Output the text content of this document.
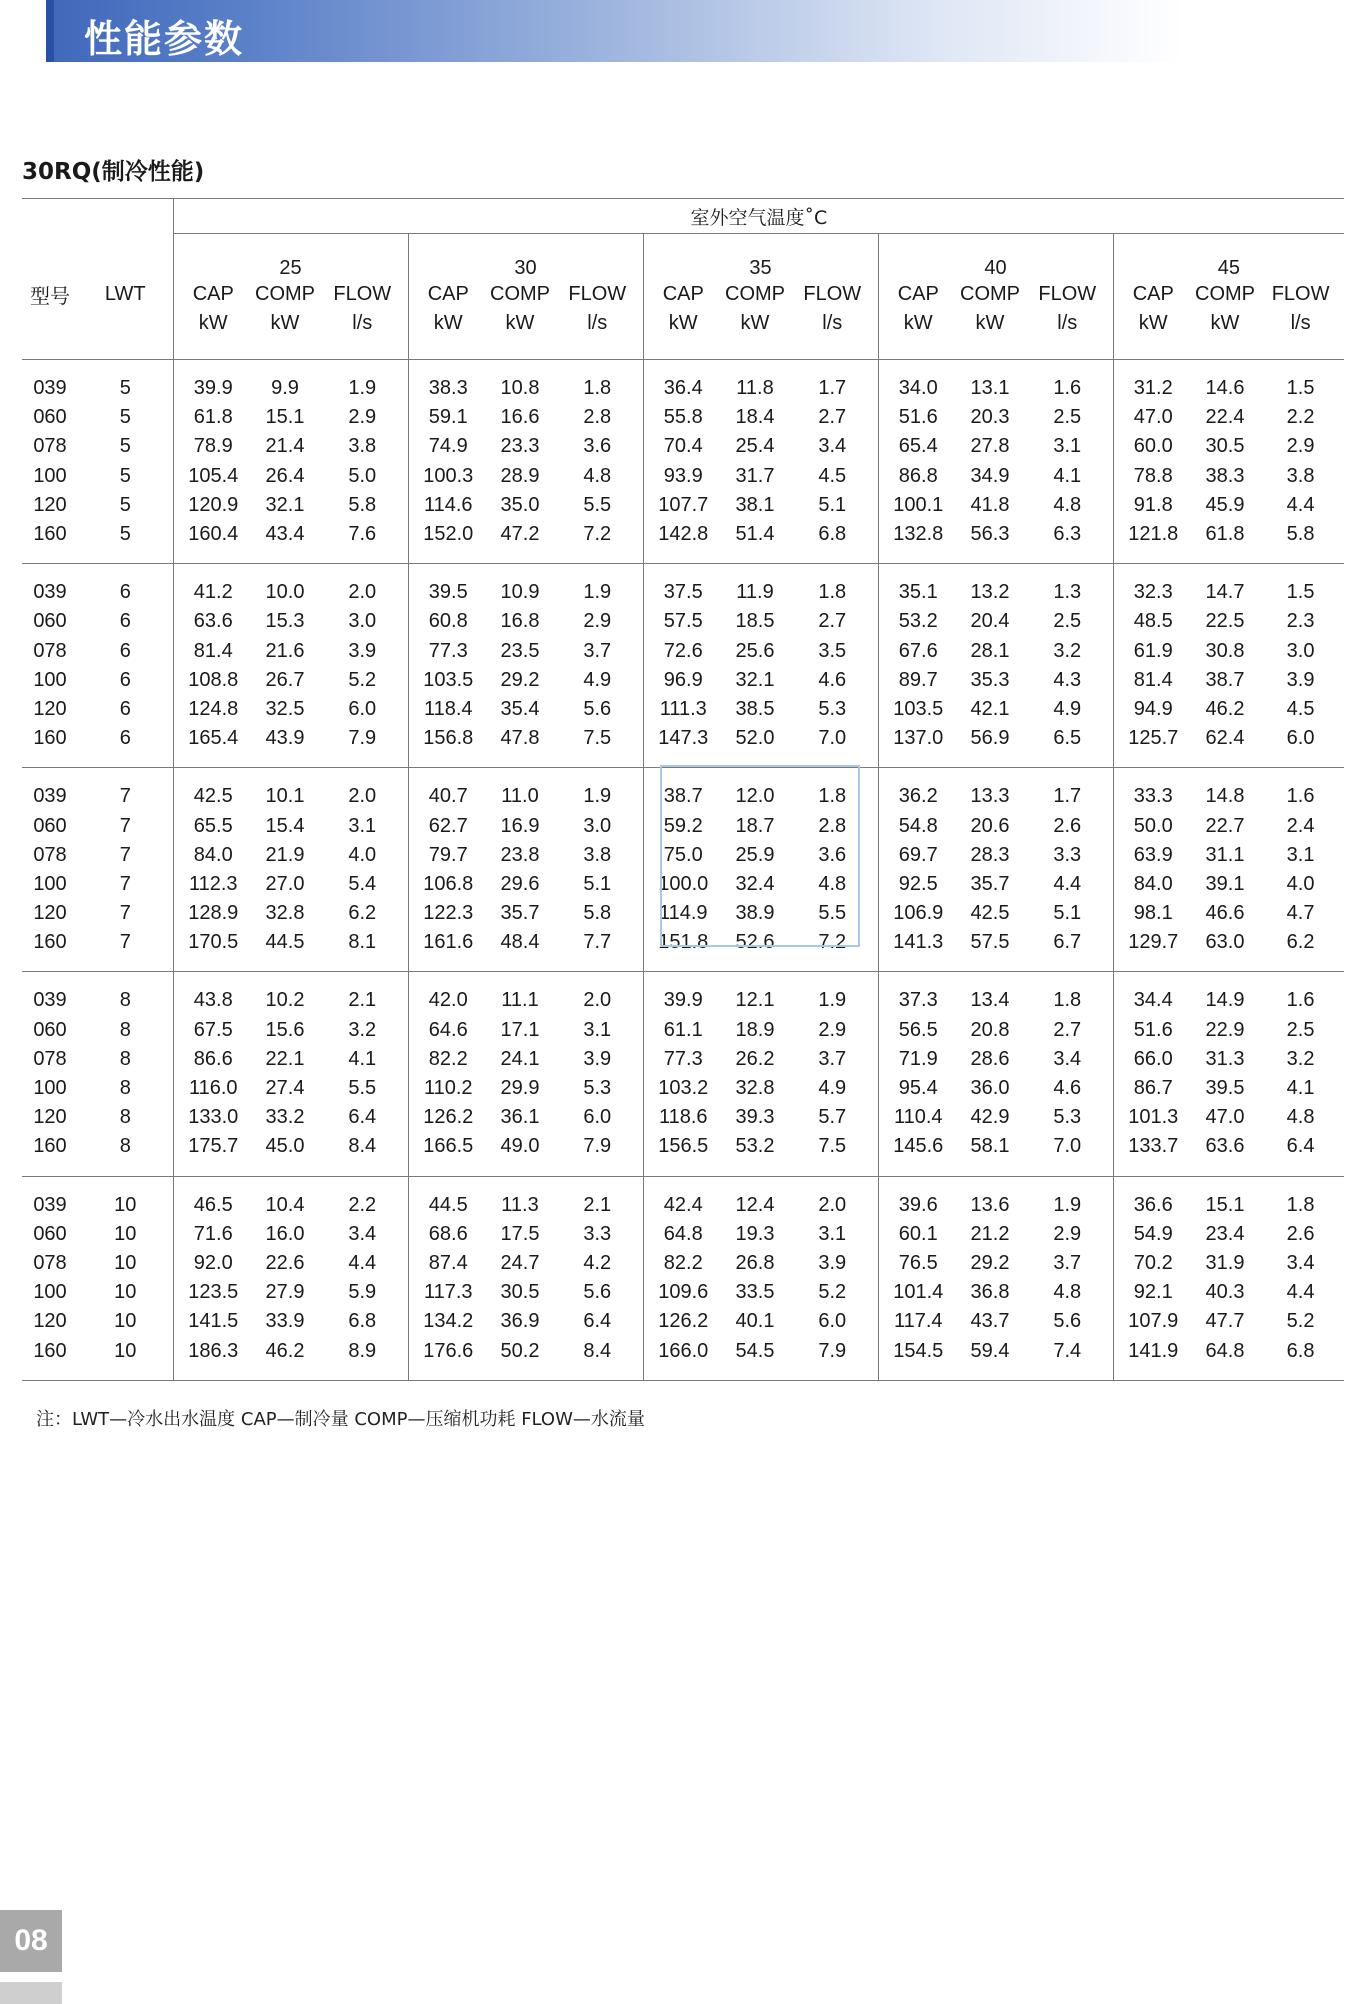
性能参数
30RQ(制冷性能)
		室外空气温度˚C														
		25			30			35			40			45		
型号	LWT	CAP	COMP	FLOW	CAP	COMP	FLOW	CAP	COMP	FLOW	CAP	COMP	FLOW	CAP	COMP	FLOW
		kW	kW	l/s	kW	kW	l/s	kW	kW	l/s	kW	kW	l/s	kW	kW	l/s

039	5	39.9	9.9	1.9	38.3	10.8	1.8	36.4	11.8	1.7	34.0	13.1	1.6	31.2	14.6	1.5
060	5	61.8	15.1	2.9	59.1	16.6	2.8	55.8	18.4	2.7	51.6	20.3	2.5	47.0	22.4	2.2
078	5	78.9	21.4	3.8	74.9	23.3	3.6	70.4	25.4	3.4	65.4	27.8	3.1	60.0	30.5	2.9
100	5	105.4	26.4	5.0	100.3	28.9	4.8	93.9	31.7	4.5	86.8	34.9	4.1	78.8	38.3	3.8
120	5	120.9	32.1	5.8	114.6	35.0	5.5	107.7	38.1	5.1	100.1	41.8	4.8	91.8	45.9	4.4
160	5	160.4	43.4	7.6	152.0	47.2	7.2	142.8	51.4	6.8	132.8	56.3	6.3	121.8	61.8	5.8

039	6	41.2	10.0	2.0	39.5	10.9	1.9	37.5	11.9	1.8	35.1	13.2	1.3	32.3	14.7	1.5
060	6	63.6	15.3	3.0	60.8	16.8	2.9	57.5	18.5	2.7	53.2	20.4	2.5	48.5	22.5	2.3
078	6	81.4	21.6	3.9	77.3	23.5	3.7	72.6	25.6	3.5	67.6	28.1	3.2	61.9	30.8	3.0
100	6	108.8	26.7	5.2	103.5	29.2	4.9	96.9	32.1	4.6	89.7	35.3	4.3	81.4	38.7	3.9
120	6	124.8	32.5	6.0	118.4	35.4	5.6	111.3	38.5	5.3	103.5	42.1	4.9	94.9	46.2	4.5
160	6	165.4	43.9	7.9	156.8	47.8	7.5	147.3	52.0	7.0	137.0	56.9	6.5	125.7	62.4	6.0

039	7	42.5	10.1	2.0	40.7	11.0	1.9	38.7	12.0	1.8	36.2	13.3	1.7	33.3	14.8	1.6
060	7	65.5	15.4	3.1	62.7	16.9	3.0	59.2	18.7	2.8	54.8	20.6	2.6	50.0	22.7	2.4
078	7	84.0	21.9	4.0	79.7	23.8	3.8	75.0	25.9	3.6	69.7	28.3	3.3	63.9	31.1	3.1
100	7	112.3	27.0	5.4	106.8	29.6	5.1	100.0	32.4	4.8	92.5	35.7	4.4	84.0	39.1	4.0
120	7	128.9	32.8	6.2	122.3	35.7	5.8	114.9	38.9	5.5	106.9	42.5	5.1	98.1	46.6	4.7
160	7	170.5	44.5	8.1	161.6	48.4	7.7	151.8	52.6	7.2	141.3	57.5	6.7	129.7	63.0	6.2

039	8	43.8	10.2	2.1	42.0	11.1	2.0	39.9	12.1	1.9	37.3	13.4	1.8	34.4	14.9	1.6
060	8	67.5	15.6	3.2	64.6	17.1	3.1	61.1	18.9	2.9	56.5	20.8	2.7	51.6	22.9	2.5
078	8	86.6	22.1	4.1	82.2	24.1	3.9	77.3	26.2	3.7	71.9	28.6	3.4	66.0	31.3	3.2
100	8	116.0	27.4	5.5	110.2	29.9	5.3	103.2	32.8	4.9	95.4	36.0	4.6	86.7	39.5	4.1
120	8	133.0	33.2	6.4	126.2	36.1	6.0	118.6	39.3	5.7	110.4	42.9	5.3	101.3	47.0	4.8
160	8	175.7	45.0	8.4	166.5	49.0	7.9	156.5	53.2	7.5	145.6	58.1	7.0	133.7	63.6	6.4

039	10	46.5	10.4	2.2	44.5	11.3	2.1	42.4	12.4	2.0	39.6	13.6	1.9	36.6	15.1	1.8
060	10	71.6	16.0	3.4	68.6	17.5	3.3	64.8	19.3	3.1	60.1	21.2	2.9	54.9	23.4	2.6
078	10	92.0	22.6	4.4	87.4	24.7	4.2	82.2	26.8	3.9	76.5	29.2	3.7	70.2	31.9	3.4
100	10	123.5	27.9	5.9	117.3	30.5	5.6	109.6	33.5	5.2	101.4	36.8	4.8	92.1	40.3	4.4
120	10	141.5	33.9	6.8	134.2	36.9	6.4	126.2	40.1	6.0	117.4	43.7	5.6	107.9	47.7	5.2
160	10	186.3	46.2	8.9	176.6	50.2	8.4	166.0	54.5	7.9	154.5	59.4	7.4	141.9	64.8	6.8

注：LWT—冷水出水温度 CAP—制冷量 COMP—压缩机功耗 FLOW—水流量
08
